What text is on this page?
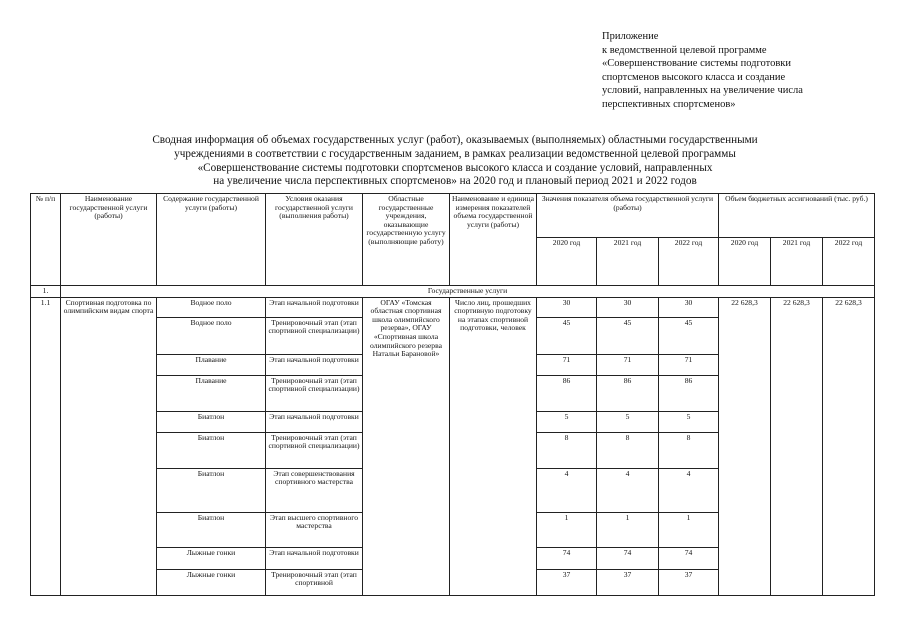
Приложение
к ведомственной целевой программе
«Совершенствование системы подготовки
спортсменов высокого класса и создание
условий, направленных на увеличение числа
перспективных спортсменов»
Сводная информация об объемах государственных услуг (работ), оказываемых (выполняемых) областными государственными
учреждениями в соответствии с государственным заданием, в рамках реализации ведомственной целевой программы
«Совершенствование системы подготовки спортсменов высокого класса и создание условий, направленных
на увеличение числа перспективных спортсменов» на 2020 год и плановый период 2021 и 2022 годов
№ п/п	Наименование государственной услуги (работы)	Содержание государственной услуги (работы)	Условия оказания государственной услуги (выполнения работы)	Областные государственные учреждения, оказывающие государственную услугу (выполняющие работу)	Наименование и единица измерения показателей объема государственной услуги (работы)	Значения показателя объема государственной услуги (работы)			Объем бюджетных ассигнований (тыс. руб.)		
						2020 год	2021 год	2022 год	2020 год	2021 год	2022 год
1.	Государственные услуги										
1.1	Спортивная подготовка по олимпийским видам спорта	Водное поло	Этап начальной подготовки	ОГАУ «Томская областная спортивная школа олимпийского резерва», ОГАУ «Спортивная школа олимпийского резерва Натальи Барановой»	Число лиц, прошедших спортивную подготовку на этапах спортивной подготовки, человек	30	30	30	22 628,3	22 628,3	22 628,3
		Водное поло	Тренировочный этап (этап спортивной специализации)			45	45	45			
		Плавание	Этап начальной подготовки			71	71	71			
		Плавание	Тренировочный этап (этап спортивной специализации)			86	86	86			
		Биатлон	Этап начальной подготовки			5	5	5			
		Биатлон	Тренировочный этап (этап спортивной специализации)			8	8	8			
		Биатлон	Этап совершенствования спортивного мастерства			4	4	4			
		Биатлон	Этап высшего спортивного мастерства			1	1	1			
		Лыжные гонки	Этап начальной подготовки			74	74	74			
		Лыжные гонки	Тренировочный этап (этап спортивной			37	37	37			
